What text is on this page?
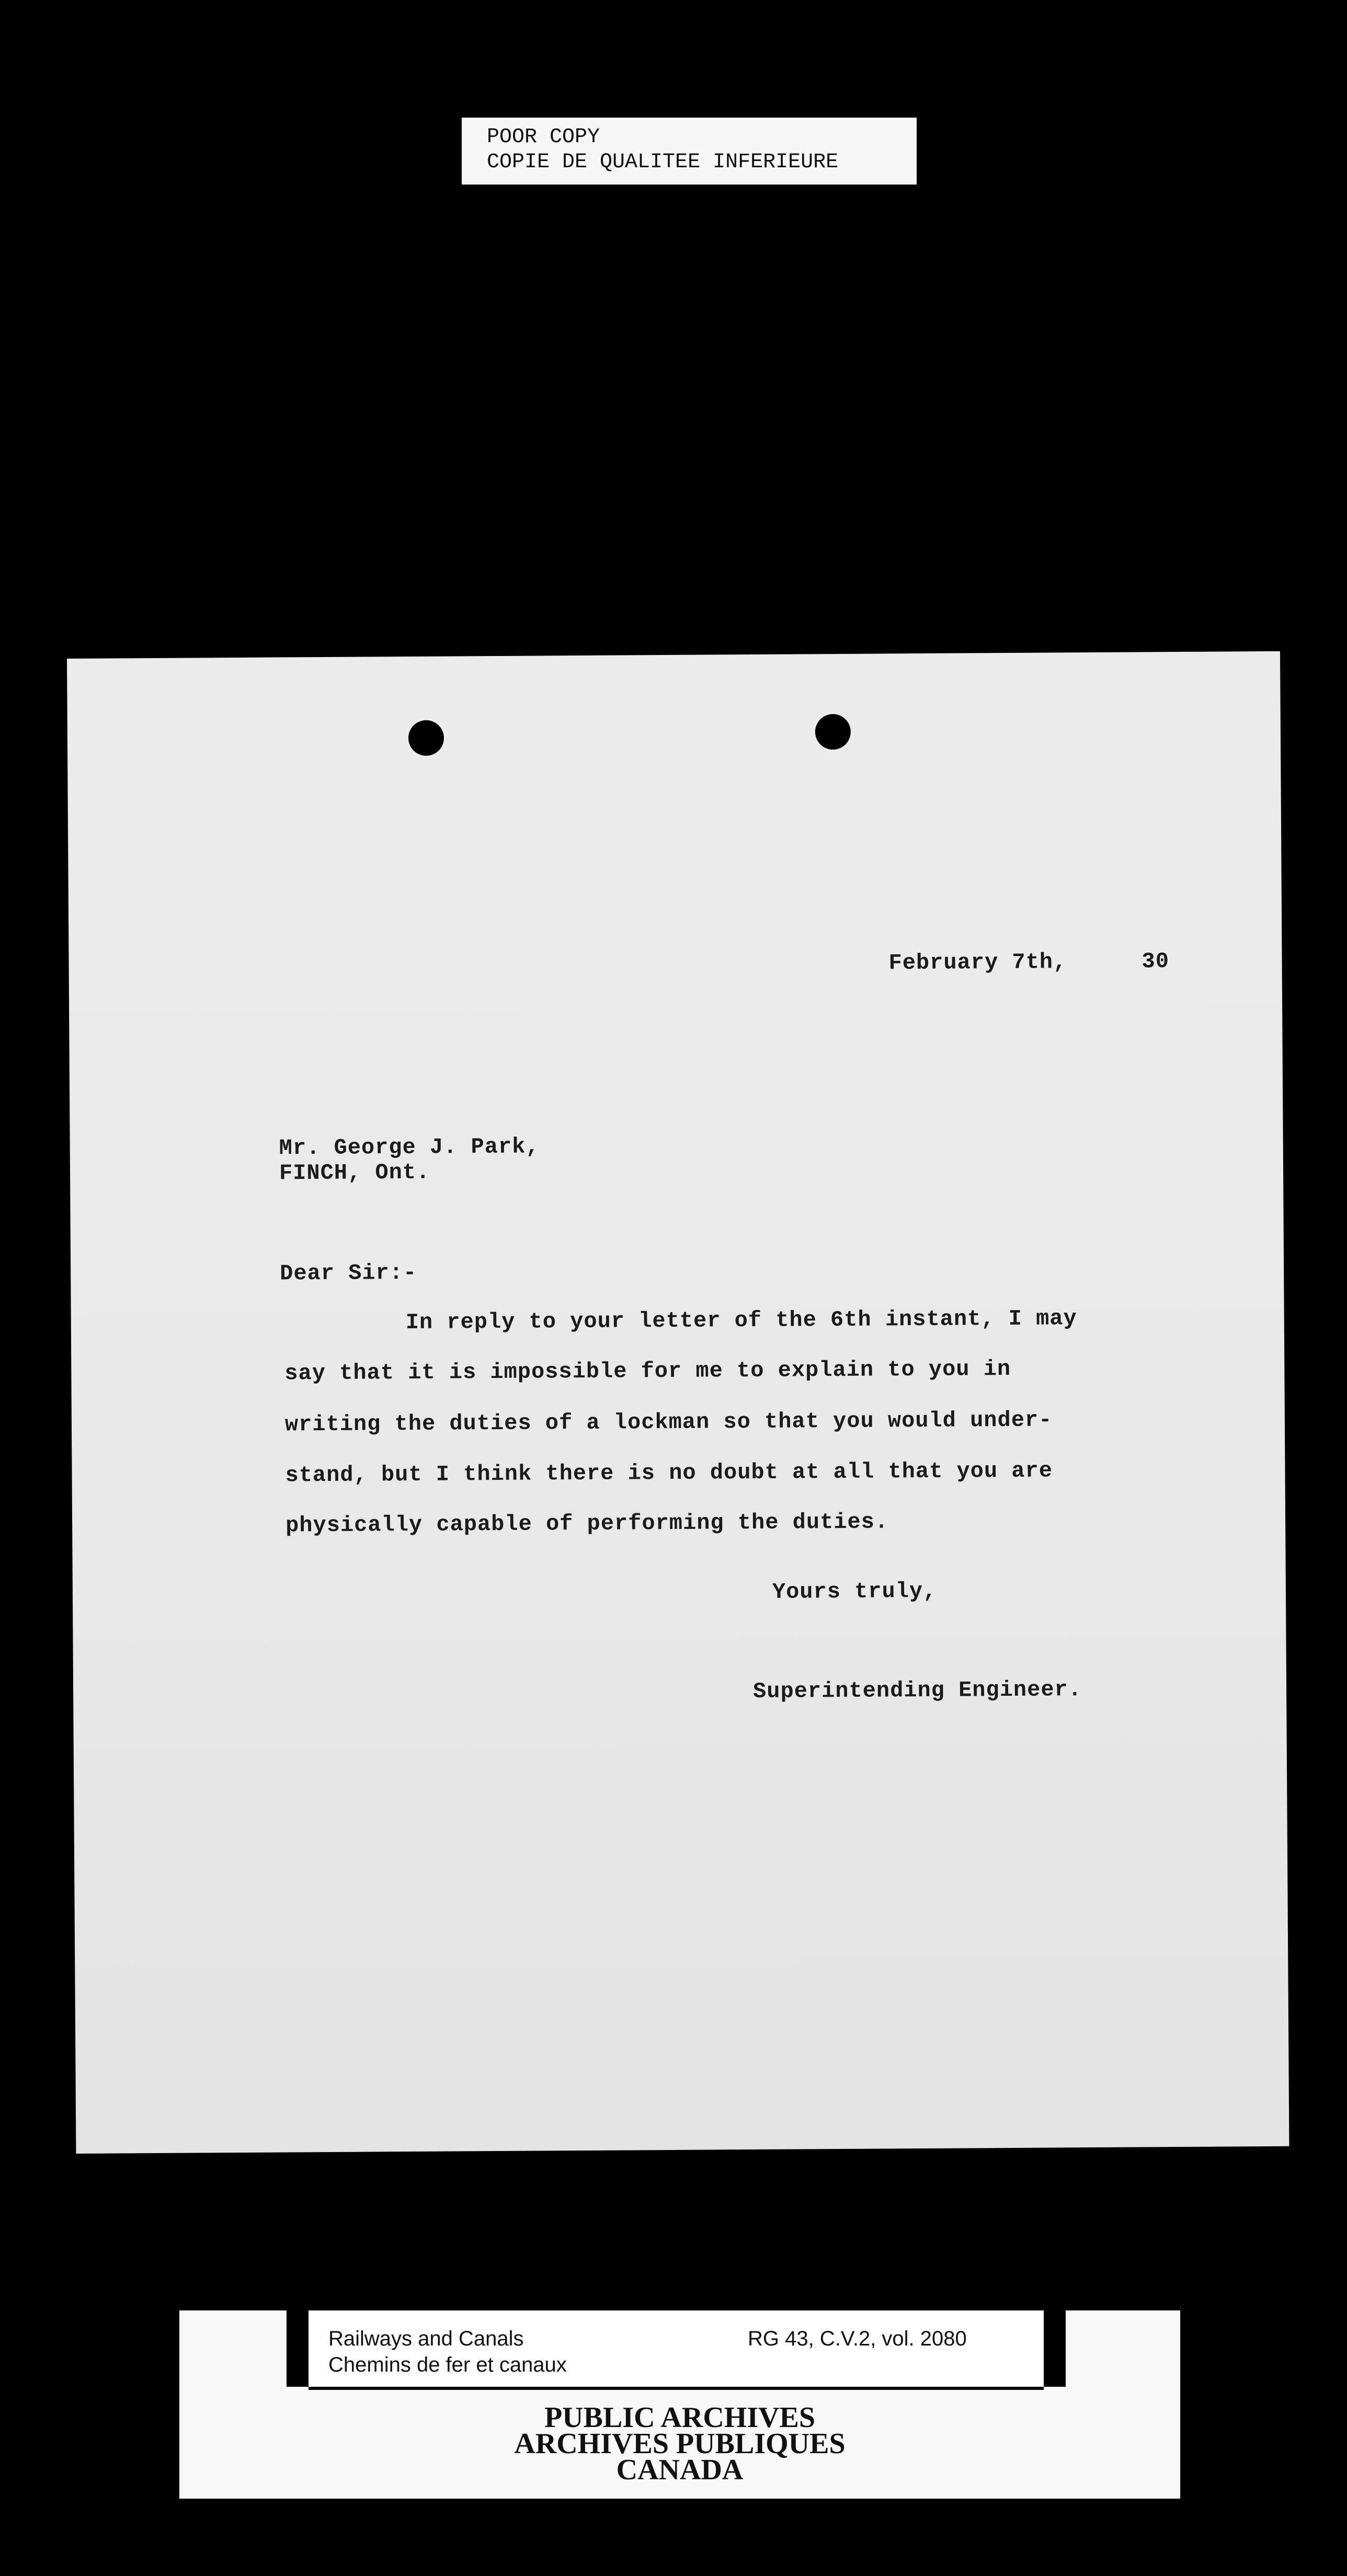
POOR COPY
COPIE DE QUALITEE INFERIEURE
February 7th,	30
Mr. George J. Park,
FINCH, Ont.
Dear Sir:-
In reply to your letter of the 6th instant, I may
say that it is impossible for me to explain to you in
writing the duties of a lockman so that you would under-
stand, but I think there is no doubt at all that you are
physically capable of performing the duties.
Yours truly,
Superintending Engineer.
Railways and Canals
Chemins de fer et canaux
RG 43, C.V.2, vol. 2080
PUBLIC ARCHIVES
ARCHIVES PUBLIQUES
CANADA
